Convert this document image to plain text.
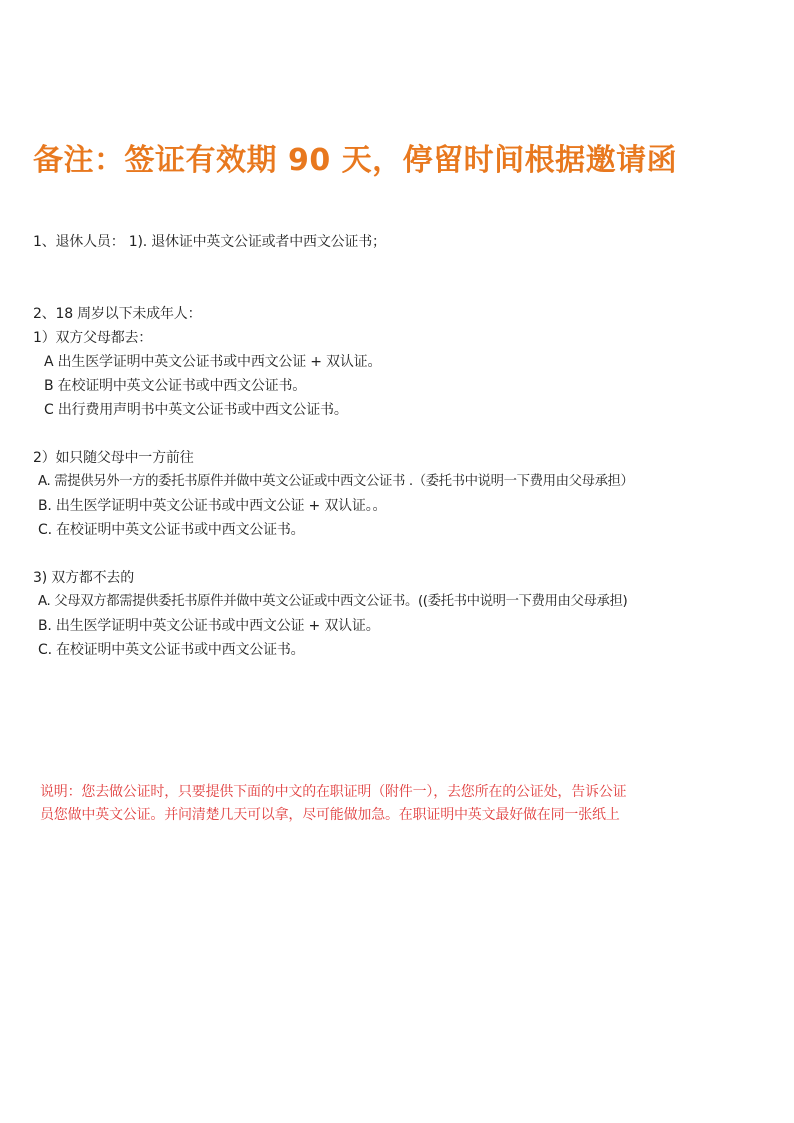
备注：签证有效期 90 天，停留时间根据邀请函

1、退休人员： 1). 退休证中英文公证或者中西文公证书；

2、18 周岁以下未成年人：

1）双方父母都去：

A 出生医学证明中英文公证书或中西文公证 + 双认证。

B 在校证明中英文公证书或中西文公证书。

C 出行费用声明书中英文公证书或中西文公证书。

2）如只随父母中一方前往

A. 需提供另外一方的委托书原件并做中英文公证或中西文公证书 .（委托书中说明一下费用由父母承担）

B. 出生医学证明中英文公证书或中西文公证 + 双认证。。

C. 在校证明中英文公证书或中西文公证书。

3) 双方都不去的

A. 父母双方都需提供委托书原件并做中英文公证或中西文公证书。((委托书中说明一下费用由父母承担)

B. 出生医学证明中英文公证书或中西文公证 + 双认证。

C. 在校证明中英文公证书或中西文公证书。

说明：您去做公证时，只要提供下面的中文的在职证明（附件一），去您所在的公证处，告诉公证
员您做中英文公证。并问清楚几天可以拿，尽可能做加急。在职证明中英文最好做在同一张纸上
